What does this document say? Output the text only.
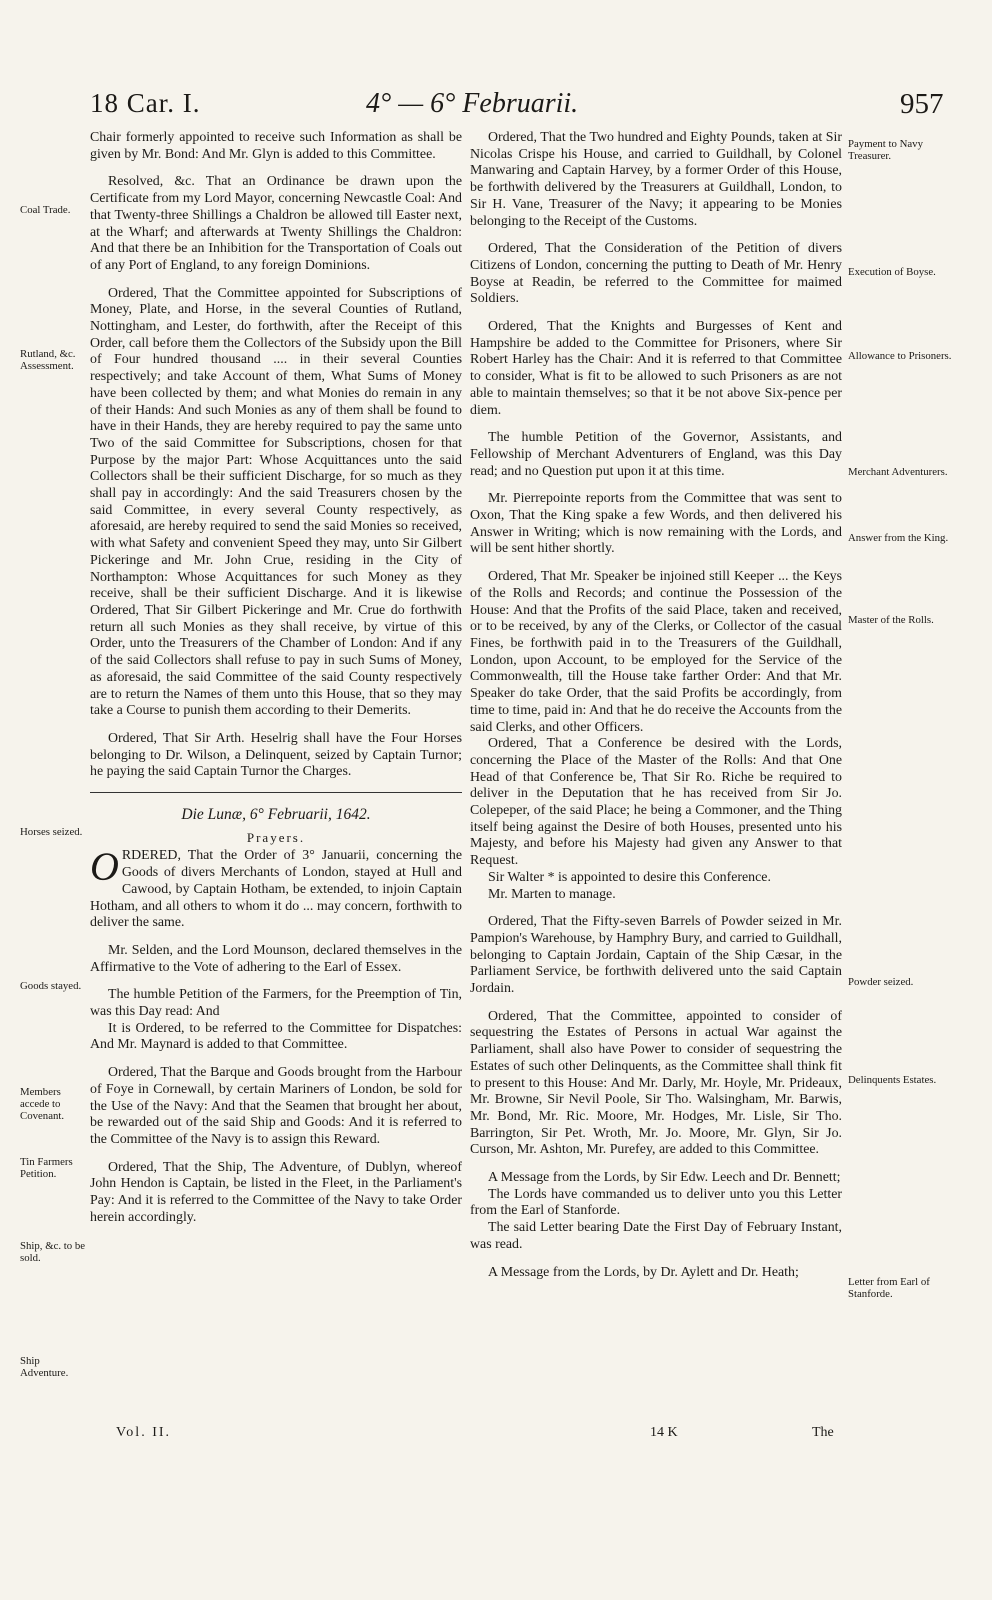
18 Car. I.	4° — 6° Februarii.	957
Coal Trade.
Rutland, &c. Assessment.
Horses seized.
Goods stayed.
Members accede to Covenant.
Tin Farmers Petition.
Ship, &c. to be sold.
Ship Adventure.
Payment to Navy Treasurer.
Execution of Boyse.
Allowance to Prisoners.
Merchant Adventurers.
Answer from the King.
Master of the Rolls.
Powder seized.
Delinquents Estates.
Letter from Earl of Stanforde.

Chair formerly appointed to receive such Information as shall be given by Mr. Bond: And Mr. Glyn is added to this Committee.

Resolved, &c. That an Ordinance be drawn upon the Certificate from my Lord Mayor, concerning Newcastle Coal: And that Twenty-three Shillings a Chaldron be allowed till Easter next, at the Wharf; and afterwards at Twenty Shillings the Chaldron: And that there be an Inhibition for the Transportation of Coals out of any Port of England, to any foreign Dominions.

Ordered, That the Committee appointed for Subscriptions of Money, Plate, and Horse, in the several Counties of Rutland, Nottingham, and Lester, do forthwith, after the Receipt of this Order, call before them the Collectors of the Subsidy upon the Bill of Four hundred thousand .... in their several Counties respectively; and take Account of them, What Sums of Money have been collected by them; and what Monies do remain in any of their Hands: And such Monies as any of them shall be found to have in their Hands, they are hereby required to pay the same unto Two of the said Committee for Subscriptions, chosen for that Purpose by the major Part: Whose Acquittances unto the said Collectors shall be their sufficient Discharge, for so much as they shall pay in accordingly: And the said Treasurers chosen by the said Committee, in every several County respectively, as aforesaid, are hereby required to send the said Monies so received, with what Safety and convenient Speed they may, unto Sir Gilbert Pickeringe and Mr. John Crue, residing in the City of Northampton: Whose Acquittances for such Money as they receive, shall be their sufficient Discharge. And it is likewise Ordered, That Sir Gilbert Pickeringe and Mr. Crue do forthwith return all such Monies as they shall receive, by virtue of this Order, unto the Treasurers of the Chamber of London: And if any of the said Collectors shall refuse to pay in such Sums of Money, as aforesaid, the said Committee of the said County respectively are to return the Names of them unto this House, that so they may take a Course to punish them according to their Demerits.

Ordered, That Sir Arth. Heselrig shall have the Four Horses belonging to Dr. Wilson, a Delinquent, seized by Captain Turnor; he paying the said Captain Turnor the Charges.

Die Lunæ, 6° Februarii, 1642.
Prayers.

ORDERED, That the Order of 3° Januarii, concerning the Goods of divers Merchants of London, stayed at Hull and Cawood, by Captain Hotham, be extended, to injoin Captain Hotham, and all others to whom it do ... may concern, forthwith to deliver the same.

Mr. Selden, and the Lord Mounson, declared themselves in the Affirmative to the Vote of adhering to the Earl of Essex.

The humble Petition of the Farmers, for the Preemption of Tin, was this Day read: And

It is Ordered, to be referred to the Committee for Dispatches: And Mr. Maynard is added to that Committee.

Ordered, That the Barque and Goods brought from the Harbour of Foye in Cornewall, by certain Mariners of London, be sold for the Use of the Navy: And that the Seamen that brought her about, be rewarded out of the said Ship and Goods: And it is referred to the Committee of the Navy is to assign this Reward.

Ordered, That the Ship, The Adventure, of Dublyn, whereof John Hendon is Captain, be listed in the Fleet, in the Parliament's Pay: And it is referred to the Committee of the Navy to take Order herein accordingly.

Ordered, That the Two hundred and Eighty Pounds, taken at Sir Nicolas Crispe his House, and carried to Guildhall, by Colonel Manwaring and Captain Harvey, by a former Order of this House, be forthwith delivered by the Treasurers at Guildhall, London, to Sir H. Vane, Treasurer of the Navy; it appearing to be Monies belonging to the Receipt of the Customs.

Ordered, That the Consideration of the Petition of divers Citizens of London, concerning the putting to Death of Mr. Henry Boyse at Readin, be referred to the Committee for maimed Soldiers.

Ordered, That the Knights and Burgesses of Kent and Hampshire be added to the Committee for Prisoners, where Sir Robert Harley has the Chair: And it is referred to that Committee to consider, What is fit to be allowed to such Prisoners as are not able to maintain themselves; so that it be not above Six-pence per diem.

The humble Petition of the Governor, Assistants, and Fellowship of Merchant Adventurers of England, was this Day read; and no Question put upon it at this time.

Mr. Pierrepointe reports from the Committee that was sent to Oxon, That the King spake a few Words, and then delivered his Answer in Writing; which is now remaining with the Lords, and will be sent hither shortly.

Ordered, That Mr. Speaker be injoined still Keeper ... the Keys of the Rolls and Records; and continue the Possession of the House: And that the Profits of the said Place, taken and received, or to be received, by any of the Clerks, or Collector of the casual Fines, be forthwith paid in to the Treasurers of the Guildhall, London, upon Account, to be employed for the Service of the Commonwealth, till the House take farther Order: And that Mr. Speaker do take Order, that the said Profits be accordingly, from time to time, paid in: And that he do receive the Accounts from the said Clerks, and other Officers.

Ordered, That a Conference be desired with the Lords, concerning the Place of the Master of the Rolls: And that One Head of that Conference be, That Sir Ro. Riche be required to deliver in the Deputation that he has received from Sir Jo. Colepeper, of the said Place; he being a Commoner, and the Thing itself being against the Desire of both Houses, presented unto his Majesty, and before his Majesty had given any Answer to that Request.

Sir Walter * is appointed to desire this Conference.

Mr. Marten to manage.

Ordered, That the Fifty-seven Barrels of Powder seized in Mr. Pampion's Warehouse, by Hamphry Bury, and carried to Guildhall, belonging to Captain Jordain, Captain of the Ship Cæsar, in the Parliament Service, be forthwith delivered unto the said Captain Jordain.

Ordered, That the Committee, appointed to consider of sequestring the Estates of Persons in actual War against the Parliament, shall also have Power to consider of sequestring the Estates of such other Delinquents, as the Committee shall think fit to present to this House: And Mr. Darly, Mr. Hoyle, Mr. Prideaux, Mr. Browne, Sir Nevil Poole, Sir Tho. Walsingham, Mr. Barwis, Mr. Bond, Mr. Ric. Moore, Mr. Hodges, Mr. Lisle, Sir Tho. Barrington, Sir Pet. Wroth, Mr. Jo. Moore, Mr. Glyn, Sir Jo. Curson, Mr. Ashton, Mr. Purefey, are added to this Committee.

A Message from the Lords, by Sir Edw. Leech and Dr. Bennett;

The Lords have commanded us to deliver unto you this Letter from the Earl of Stanforde.

The said Letter bearing Date the First Day of February Instant, was read.

A Message from the Lords, by Dr. Aylett and Dr. Heath;

Vol. II.	14 K	The
